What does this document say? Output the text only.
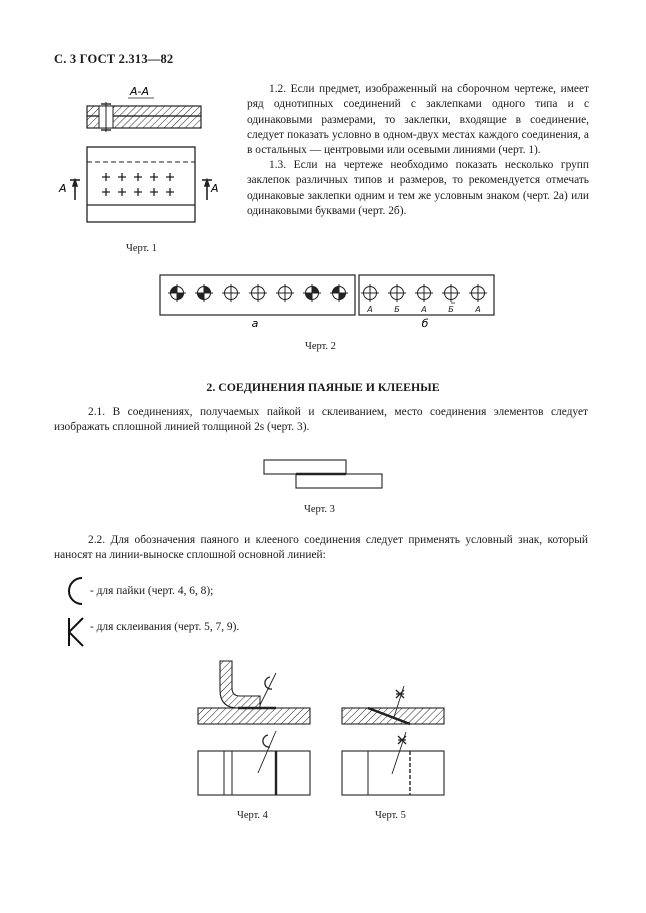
С. 3 ГОСТ 2.313—82
А-А
А	А
1.2. Если предмет, изображенный на сборочном чертеже, имеет ряд однотипных соединений с заклепками одного типа и с одинаковыми размерами, то заклепки, входящие в соединение, следует показать условно в одном-двух местах каждого соединения, а в остальных — центровыми или осевыми линиями (черт. 1).
1.3. Если на чертеже необходимо показать несколько групп заклепок различных типов и размеров, то рекомендуется отмечать одинаковые заклепки одним и тем же условным знаком (черт. 2а) или одинаковыми буквами (черт. 2б).
Черт. 1
А	Б	А	Б	А
а	б
Черт. 2
2. СОЕДИНЕНИЯ ПАЯНЫЕ И КЛЕЕНЫЕ
2.1. В соединениях, получаемых пайкой и склеиванием, место соединения элементов следует изображать сплошной линией толщиной 2s (черт. 3).
Черт. 3
2.2. Для обозначения паяного и клееного соединения следует применять условный знак, который наносят на линии-выноске сплошной основной линией:
- для пайки (черт. 4, 6, 8);
- для склеивания (черт. 5, 7, 9).
Черт. 4	Черт. 5
